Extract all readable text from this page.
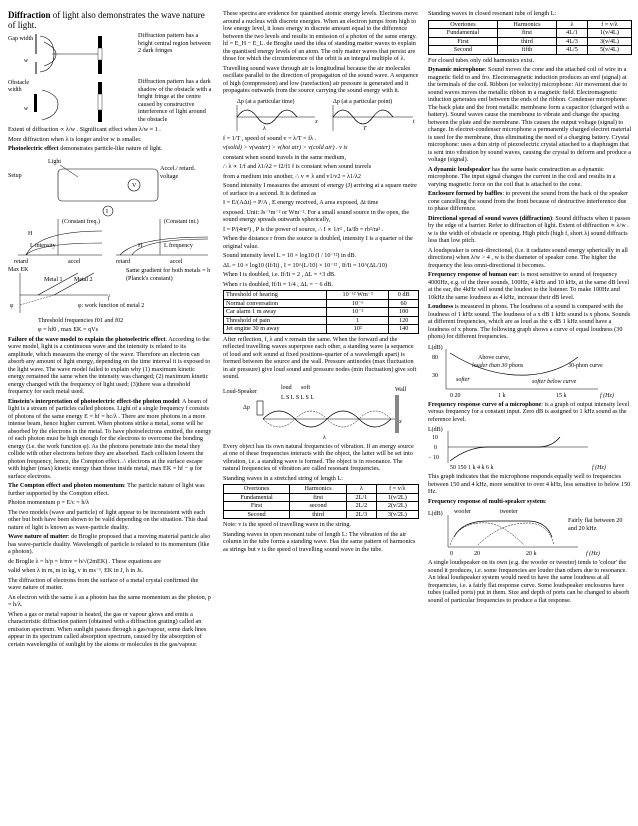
Diffraction of light also demonstrates the wave nature of light.

Gap width
w
Diffraction pattern has a bright central region between 2 dark fringes
Obstacle
width
w
Diffraction pattern has a dark shadow of the obstacle with a bright fringe at the centre caused by constructive interference of light around the obstacle

Extent of diffraction ∝ λ/w . Significant effect when λ/w ≈ 1 .

More diffraction when λ is longer and/or w is smaller.

Photoelectric effect demonstrates particle-like nature of light.

Light
Setup
V
I
Accel./ retard. voltage
(Constant freq.)
H
L intensity
(Constant int.)
H	L frequency
retard	accel	retard	accel
Max EK
φ
Metal 1 Metal 2
f
Same gradient for both metals = h (Planck's constant)
φ: work function of metal 2

Threshold frequencies f01 and f02

φ = hf0 , max EK = qVs

Failure of the wave model to explain the photoelectric effect. According to the wave model, light is a continuous wave and the intensity is related to its amplitude, which measures the energy of the wave. Therefore an electron can absorb any amount of light energy, depending on the time interval it is exposed to the light wave. The wave model failed to explain why (1) maximum kinetic energy remained the same when the intensity was changed; (2) maximum kinetic energy changed with the frequency of light used; (3)there was a threshold frequency for each metal used.

Einstein's interpretation of photoelectric effect-the photon model: A beam of light is a stream of particles called photons. Light of a single frequency f consists of photons of the same energy E = hf = hc/λ . There are more photons in a more intense beam, hence higher current. When photons strike a metal, some will be absorbed by the electrons in the metal. To have photoelectrons emitted, the energy of each photon must be high enough for the electrons to overcome the bonding energy (i.e. the work function φ). As the photons penetrate into the metal they collide with other electrons before they are absorbed. Each collision lowers the photon frequency, hence, the Compton effect. ∴ electrons at the surface escape with higher (max) kinetic energy than those inside metal, max EK = hf − φ for surface electrons.

The Compton effect and photon momentum: The particle nature of light was further supported by the Compton effect.

Photon momentum p = E/c = h/λ

The two models (wave and particle) of light appear to be inconsistent with each other but both have been shown to be valid depending on the situation. This dual nature of light is known as wave-particle duality.

Wave nature of matter: de Broglie proposed that a moving material particle also has wave-particle duality. Wavelength of particle is related to its momentum (like a photon).

de Broglie λ = h/p = h/mv = h/√(2mEK) . These equations are

valid when λ in m, m in kg, v in ms⁻¹, EK in J, h in Js.

The diffraction of electrons from the surface of a metal crystal confirmed the wave nature of matter.

An electron with the same λ as a photon has the same momentum as the photon, p = h/λ.

When a gas or metal vapour is heated, the gas or vapour glows and emits a characteristic diffraction pattern (obtained with a diffraction grating) called an emission spectrum. When sunlight passes through a gas/vapour, some dark lines appear in its spectrum called absorption spectrum, caused by the absorption of certain wavelengths of sunlight by the atoms or molecules in the gas/vapour.

These spectra are evidence for quantised atomic energy levels. Electrons move around a nucleus with discrete energies. When an electron jumps from high to low energy level, it loses energy in discrete amount equal to the difference between the two levels and results in emission of a photon of the same energy. hf = E_H − E_L. de Broglie used the idea of standing matter waves to explain the quantised energy levels of an atom. The only matter waves that persist are those for which the circumference of the orbit is an integral multiple of λ.

Travelling sound wave through air is longitudinal because the air molecules oscillate parallel to the direction of propagation of the sound wave. A sequence of high (compression) and low (rarefaction) air pressure is generated and it propagates outwards from the source carrying the sound energy with it.

Δp (at a particular time)
x
λ
Δp (at a particular point)
t
T

f = 1/T , speed of sound v = λ/T = fλ .

v(solid) > v(water) > v(hot air) > v(cold air) . v is

constant when sound travels in the same medium,

∴ λ ∝ 1/f and λ1/λ2 = f2/f1 f is constant when sound travels

from a medium into another, ∴ v ∝ λ and v1/v2 = λ1/λ2

Sound intensity I measures the amount of energy (J) arriving at a square metre of surface in a second. It is defined as

I = E/(AΔt) = P/A , E energy received, A area exposed, Δt time

exposed. Unit: Js⁻¹m⁻² or Wm⁻². For a small sound source in the open, the sound energy spreads outwards spherically,

I = P/(4πr²) , P is the power of source, ∴ I ∝ 1/r² , Ia/Ib = rb²/ra² .

When the distance r from the source is doubled, intensity I is a quarter of the original value.

Sound intensity level L = 10 × log10 (I / 10⁻¹²) in dB.

ΔL = 10 × log10 (If/Ii) , I = 10^(L/10) × 10⁻¹² , If/Ii = 10^(ΔL/10)

When I is doubled, i.e. If/Ii = 2 , ΔL = +3 dB.

When r is doubled, If/Ii = 1/4 , ΔL = − 6 dB.

Threshold of hearing	10⁻¹² Wm⁻²	0 dB
Normal conversation	10⁻⁶	60
Car alarm 1 m away	10⁻²	100
Threshold of pain	1	120
Jet engine 30 m away	10²	140

After reflection, f, λ and v remain the same. When the forward and the reflected travelling waves superpose each other, a standing wave (a sequence of loud and soft sound at fixed positions-quarter of a wavelength apart) is formed between the source and the wall. Pressure antinodes (max fluctuation in air pressure) give loud sound and pressure nodes (min fluctuation) give soft sound.

Loud-Speaker
loud soft
L S L S L S L
Wall
Δp
x
λ

Every object has its own natural frequencies of vibration. If an energy source at one of these frequencies interacts with the object, the latter will be set into vibration, i.e. a standing wave is formed. The object is in resonance. The natural frequencies of vibration are called resonant frequencies.

Standing waves in a stretched string of length L:

Overtones	Harmonics	λ	f = v/λ
Fundamental	first	2L/1	1(v/2L)
First	second	2L/2	2(v/2L)
Second	third	2L/3	3(v/2L)

Note: v is the speed of travelling wave in the string.

Standing waves in open resonant tube of length L: The vibration of the air column in the tube forms a standing wave. Has the same pattern of harmonics as strings but v is the speed of travelling sound wave in the tube.

Standing waves in closed resonant tube of length L:

Overtones	Harmonics	λ	f = v/λ
Fundamental	first	4L/1	1(v/4L)
First	third	4L/3	3(v/4L)
Second	fifth	4L/5	5(v/4L)

For closed tubes only odd harmonics exist.

Dynamic microphone: Sound moves the cone and the attached coil of wire in a magnetic field to and fro. Electromagnetic induction produces an emf (signal) at the terminals of the coil. Ribbon (or velocity) microphone: Air movement due to sound waves moves the metallic ribbon in a magnetic field. Electromagnetic induction generates emf between the ends of the ribbon. Condenser microphone: The back plate and the front metallic membrane form a capacitor (charged with a battery). Sound waves cause the membrane to vibrate and change the spacing between the plate and the membrane. This causes the output voltage (signal) to change. In electret-condenser microphone a permanently charged electret material is used for the membrane, thus eliminating the need of a charging battery. Crystal microphone: uses a thin strip of piezoelectric crystal attached to a diaphragm that is sent into vibration by sound waves, causing the crystal to deform and produce a voltage (signal).

A dynamic loudspeaker has the same basic construction as a dynamic microphone. The input signal changes the current in the coil and results in a varying magnetic force on the coil that is attached to the cone.

Enclosure formed by baffles: to prevent the sound from the back of the speaker cone cancelling the sound from the front because of destructive interference due to phase difference.

Directional spread of sound waves (diffraction): Sound diffracts when it passes by the edge of a barrier. Refer to diffraction of light. Extent of diffraction ∝ λ/w . w is the width of obstacle or opening. High pitch (high f, short λ) sound diffracts less than low pitch.

A loudspeaker is omni-directional, (i.e. it radiates sound energy spherically in all directions) when λ/w > 4 , w is the diameter of speaker cone. The higher the frequency the less omni-directional it becomes.

Frequency response of human ear: is most sensitive to sound of frequency 4000Hz, e.g. of the three sounds, 100Hz, 4 kHz and 10 kHz, at the same dB level at the ear, the 4kHz will sound the loudest to the listener. To make 100Hz and 10kHz the same loudness as 4 kHz, increase their dB level.

Loudness is measured in phons. The loudness of a sound is compared with the loudness of 1 kHz sound. The loudness of a x dB 1 kHz sound is x phons. Sounds at different frequencies, which are as loud as the x dB 1 kHz sound have a loudness of x phons. The following graph shows a curve of equal loudness (30 phons) for different frequencies.

L(dB)
80
30
Above curve,
louder than 30 phons	30-phon curve
softer	softer below curve
0 20	1 k	15 k	f (Hz)

Frequency response curve of a microphone: is a graph of output intensity level versus frequency for a constant input. Zero dB is assigned to 1 kHz sound as the reference level.

L(dB)
10
0
− 10
50 150 1 k 4 k 6 k	f (Hz)

This graph indicates that the microphone responds equally well to frequencies between 150 and 4 kHz, more sensitive to over 4 kHz, less sensitive to below 150 Hz.

Frequency response of multi-speaker system:

L(dB) woofer	tweeter
Fairly flat between 20 and 20 kHz
0	20	20 k	f (Hz)

A single loudspeaker on its own (e.g. the woofer or tweeter) tends to 'colour' the sound it produces, i.e. some frequencies are louder than others due to resonance. An ideal loudspeaker system would need to have the same loudness at all frequencies, i.e. a fairly flat response curve. Some loudspeaker enclosures have tubes (called ports) put in them. Size and depth of ports can be changed to absorb sound of particular frequencies to produce a flat response.
